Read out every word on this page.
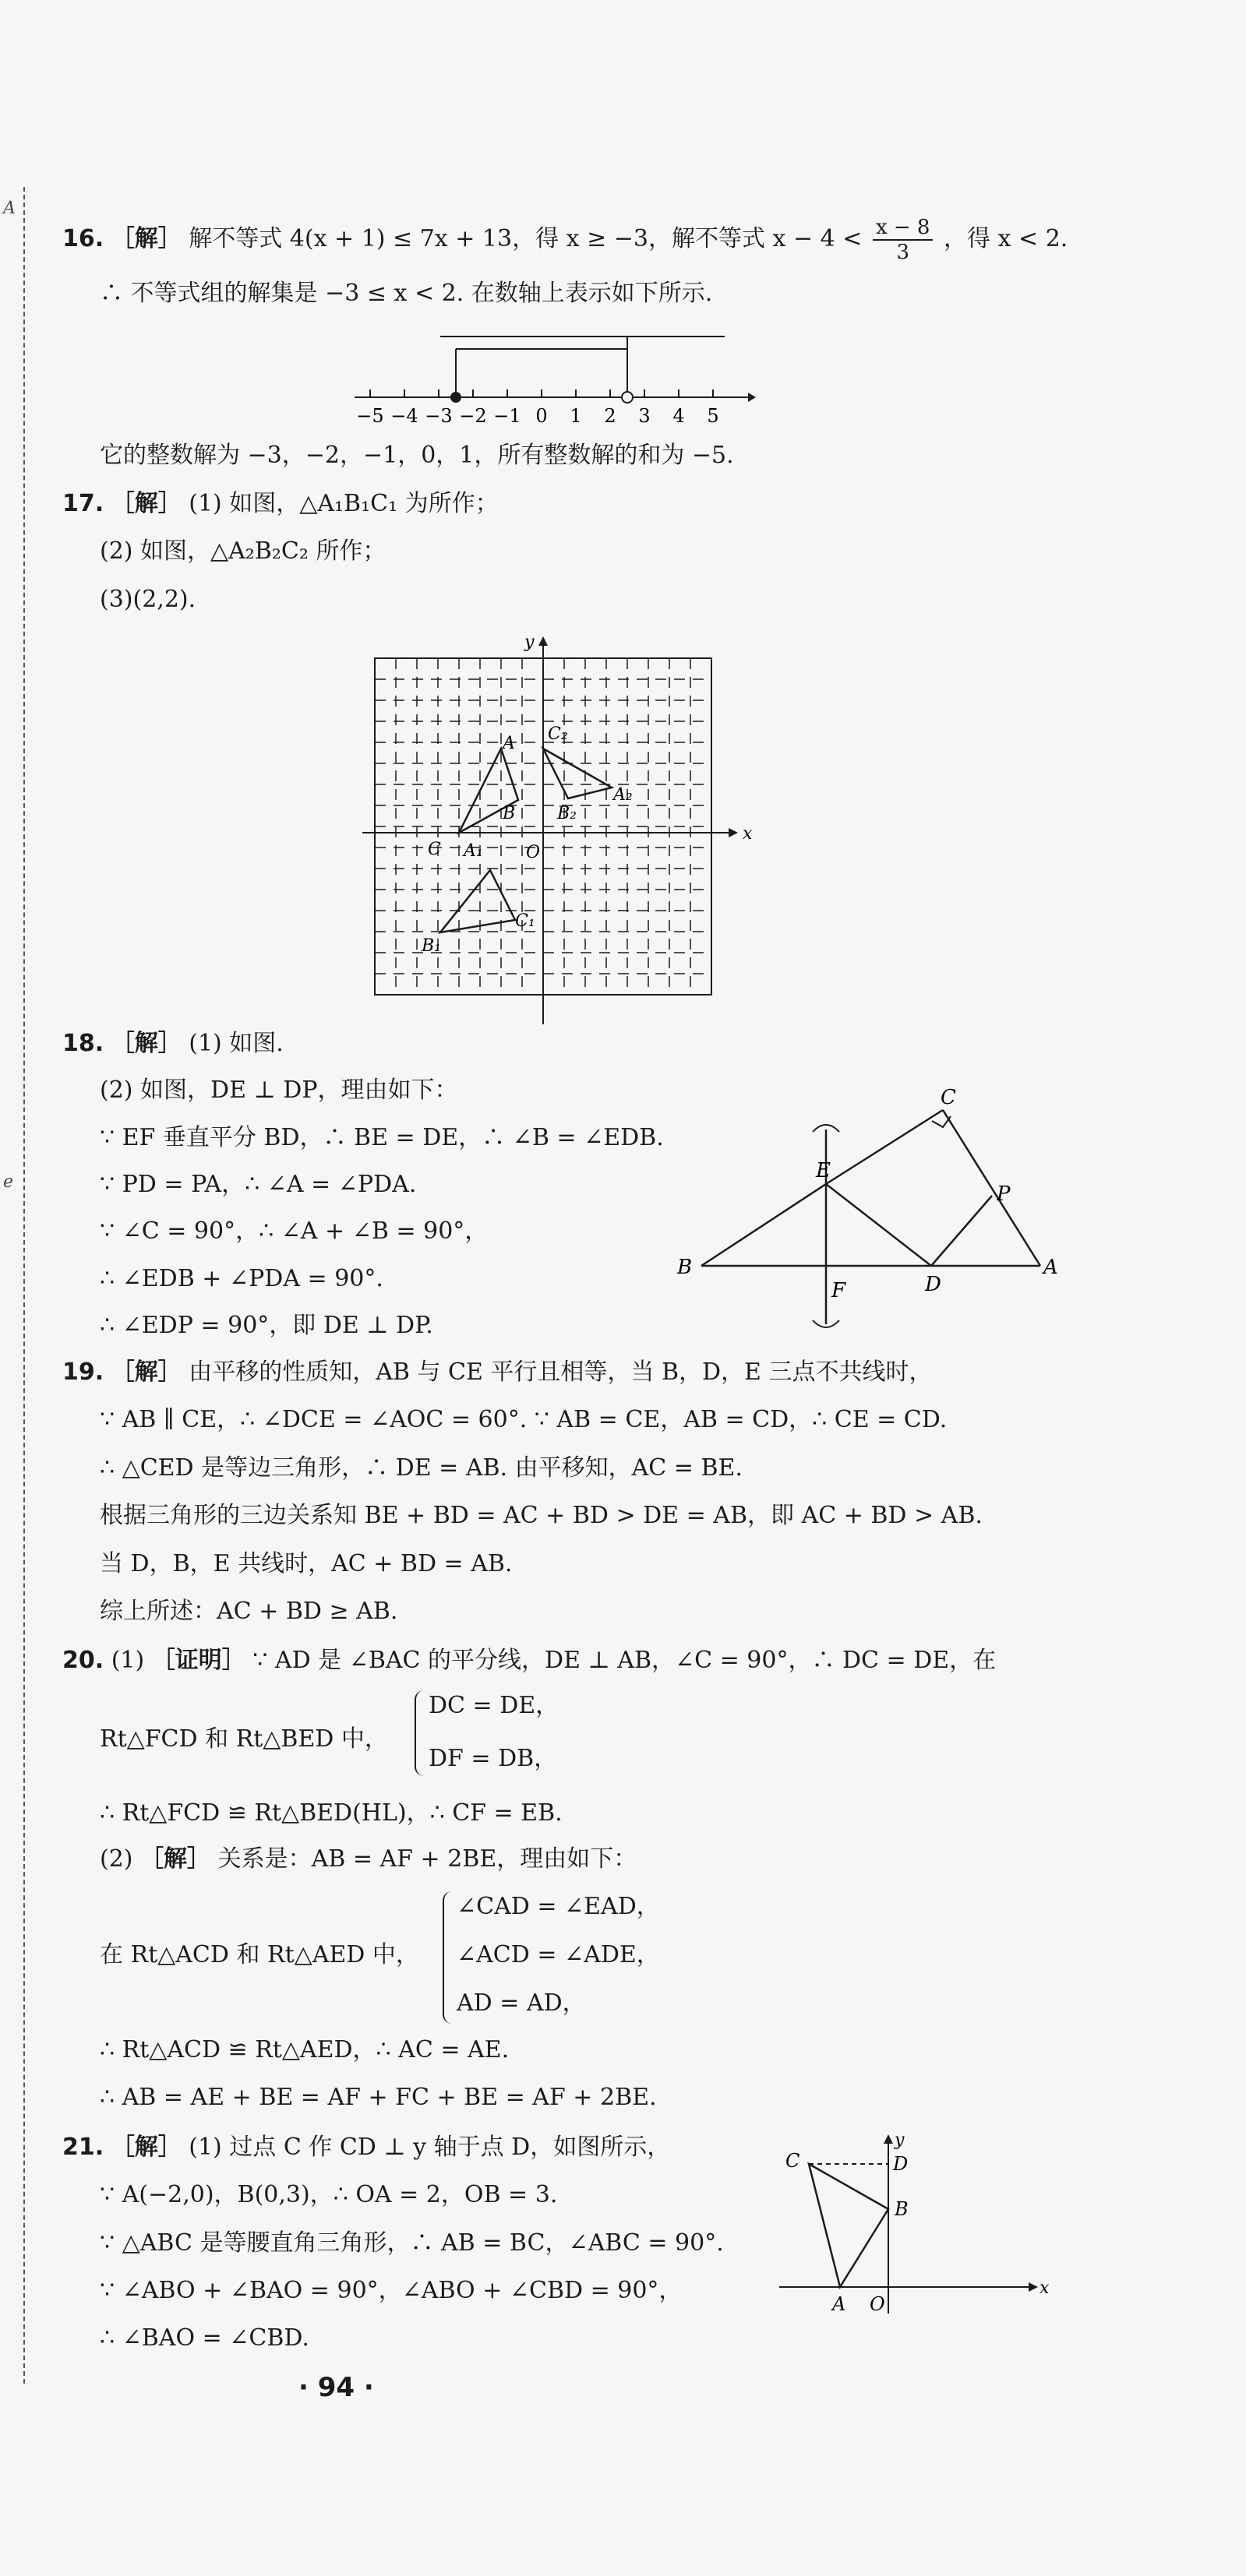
A
e
16. ［解］ 解不等式 4(x + 1) ≤ 7x + 13，得 x ≥ −3，解不等式 $x - 4 < \frac{x - 8}{3}$ ，得 x < 2.
∴ 不等式组的解集是 −3 ≤ x < 2. 在数轴上表示如下所示.
−5 −4 −3 −2 −1 0 1 2 3 4 5
它的整数解为 −3，−2，−1，0，1，所有整数解的和为 −5.
17. ［解］ (1) 如图，△A₁B₁C₁ 为所作；
(2) 如图，△A₂B₂C₂ 所作；
(3)(2,2).
x
y
O
A
B
C A₁
B₁
C₁
A₂
B₂
C₂
18. ［解］ (1) 如图.
(2) 如图，DE ⊥ DP，理由如下：
∵ EF 垂直平分 BD，∴ BE = DE，∴ ∠B = ∠EDB.
∵ PD = PA，∴ ∠A = ∠PDA.
∵ ∠C = 90°，∴ ∠A + ∠B = 90°，
∴ ∠EDB + ∠PDA = 90°.
∴ ∠EDP = 90°，即 DE ⊥ DP.
B	A
C
D
E
F
P
19. ［解］ 由平移的性质知，AB 与 CE 平行且相等，当 B，D，E 三点不共线时，
∵ AB ∥ CE，∴ ∠DCE = ∠AOC = 60°. ∵ AB = CE，AB = CD，∴ CE = CD.
∴ △CED 是等边三角形，∴ DE = AB. 由平移知，AC = BE.
根据三角形的三边关系知 BE + BD = AC + BD > DE = AB，即 AC + BD > AB.
当 D，B，E 共线时，AC + BD = AB.
综上所述：AC + BD ≥ AB.
20. (1) ［证明］ ∵ AD 是 ∠BAC 的平分线，DE ⊥ AB，∠C = 90°，∴ DC = DE，在
Rt△FCD 和 Rt△BED 中，
DC = DE，
DF = DB，
∴ Rt△FCD ≌ Rt△BED(HL)，∴ CF = EB.
(2) ［解］ 关系是：AB = AF + 2BE，理由如下：
在 Rt△ACD 和 Rt△AED 中，
∠CAD = ∠EAD，
∠ACD = ∠ADE，
AD = AD，
∴ Rt△ACD ≌ Rt△AED，∴ AC = AE.
∴ AB = AE + BE = AF + FC + BE = AF + 2BE.
21. ［解］ (1) 过点 C 作 CD ⊥ y 轴于点 D，如图所示，
∵ A(−2,0)，B(0,3)，∴ OA = 2，OB = 3.
∵ △ABC 是等腰直角三角形，∴ AB = BC，∠ABC = 90°.
∵ ∠ABO + ∠BAO = 90°，∠ABO + ∠CBD = 90°，
∴ ∠BAO = ∠CBD.
x
y
C	D
B
A O
· 94 ·
